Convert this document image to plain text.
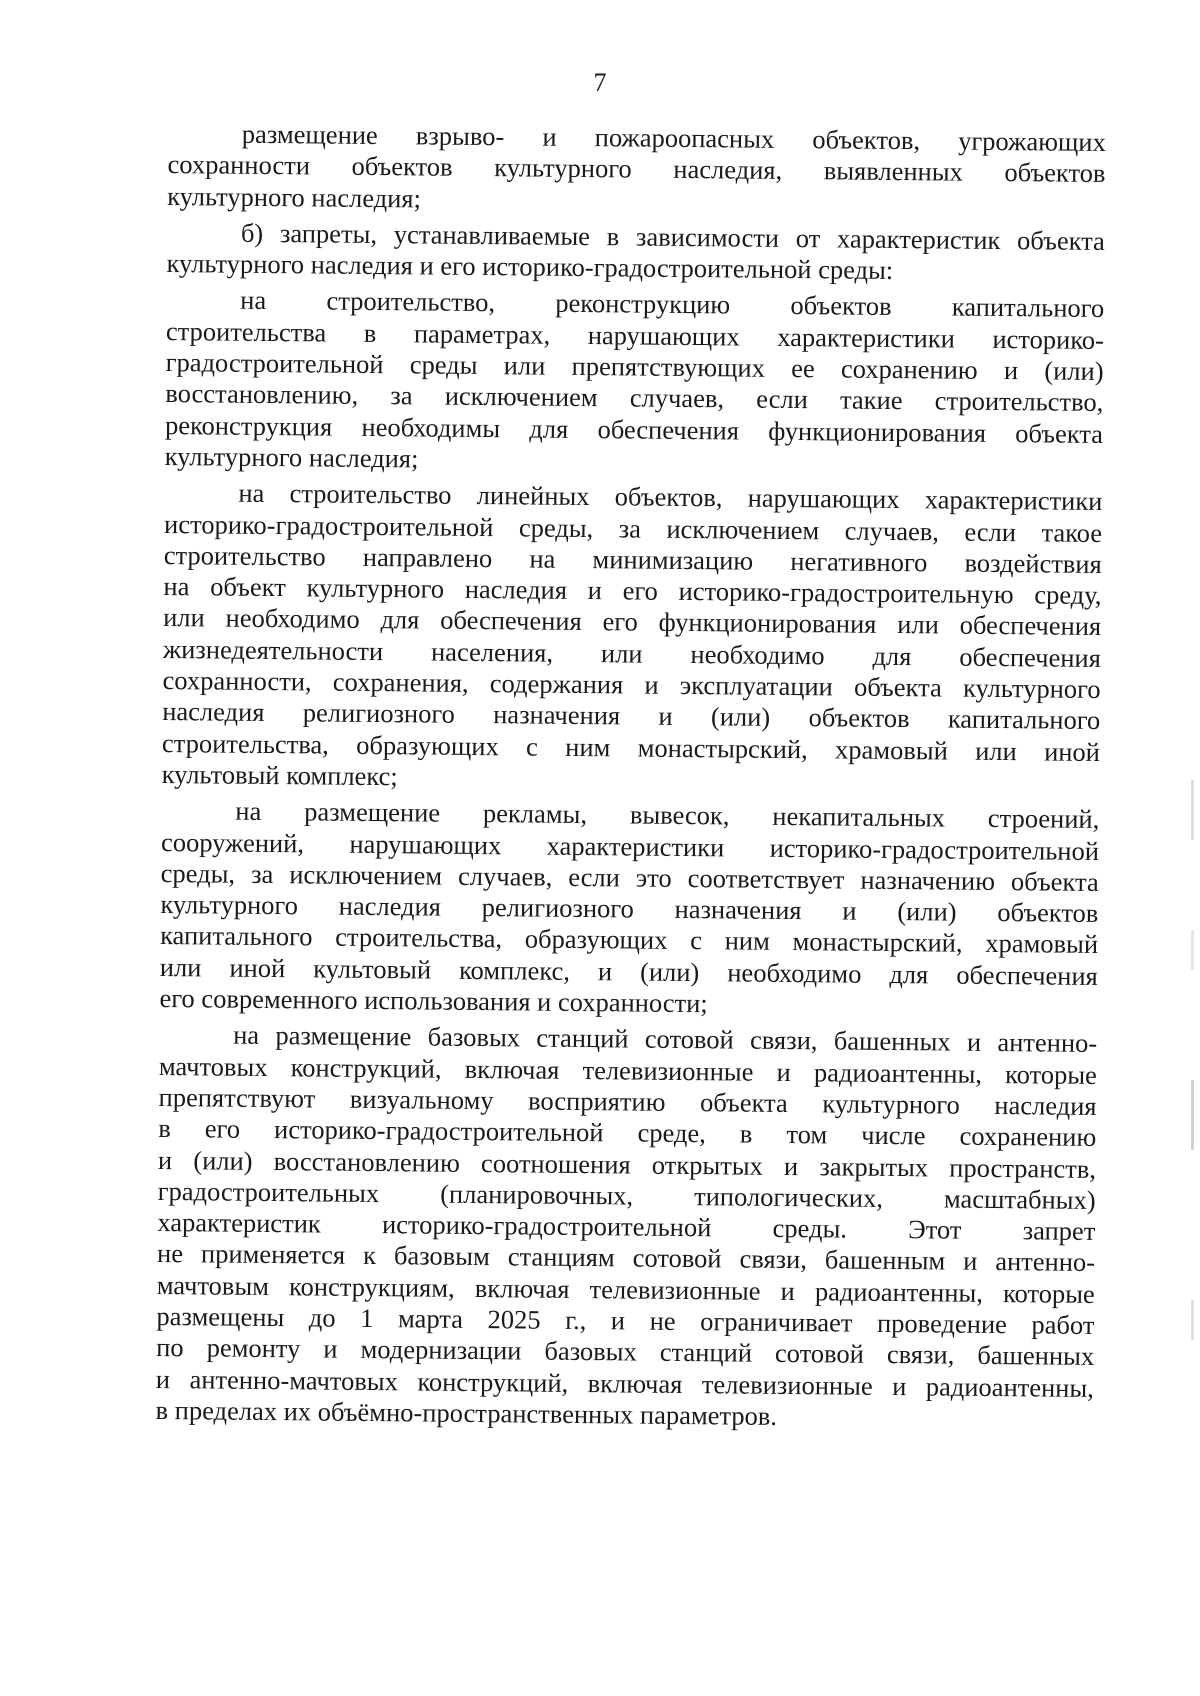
7
размещение взрыво- и пожароопасных объектов, угрожающих
сохранности объектов культурного наследия, выявленных объектов
культурного наследия;
б) запреты, устанавливаемые в зависимости от характеристик объекта
культурного наследия и его историко-градостроительной среды:
на строительство, реконструкцию объектов капитального
строительства в параметрах, нарушающих характеристики историко-
градостроительной среды или препятствующих ее сохранению и (или)
восстановлению, за исключением случаев, если такие строительство,
реконструкция необходимы для обеспечения функционирования объекта
культурного наследия;
на строительство линейных объектов, нарушающих характеристики
историко-градостроительной среды, за исключением случаев, если такое
строительство направлено на минимизацию негативного воздействия
на объект культурного наследия и его историко-градостроительную среду,
или необходимо для обеспечения его функционирования или обеспечения
жизнедеятельности населения, или необходимо для обеспечения
сохранности, сохранения, содержания и эксплуатации объекта культурного
наследия религиозного назначения и (или) объектов капитального
строительства, образующих с ним монастырский, храмовый или иной
культовый комплекс;
на размещение рекламы, вывесок, некапитальных строений,
сооружений, нарушающих характеристики историко-градостроительной
среды, за исключением случаев, если это соответствует назначению объекта
культурного наследия религиозного назначения и (или) объектов
капитального строительства, образующих с ним монастырский, храмовый
или иной культовый комплекс, и (или) необходимо для обеспечения
его современного использования и сохранности;
на размещение базовых станций сотовой связи, башенных и антенно-
мачтовых конструкций, включая телевизионные и радиоантенны, которые
препятствуют визуальному восприятию объекта культурного наследия
в его историко-градостроительной среде, в том числе сохранению
и (или) восстановлению соотношения открытых и закрытых пространств,
градостроительных (планировочных, типологических, масштабных)
характеристик историко-градостроительной среды. Этот запрет
не применяется к базовым станциям сотовой связи, башенным и антенно-
мачтовым конструкциям, включая телевизионные и радиоантенны, которые
размещены до 1 марта 2025 г., и не ограничивает проведение работ
по ремонту и модернизации базовых станций сотовой связи, башенных
и антенно-мачтовых конструкций, включая телевизионные и радиоантенны,
в пределах их объёмно-пространственных параметров.
